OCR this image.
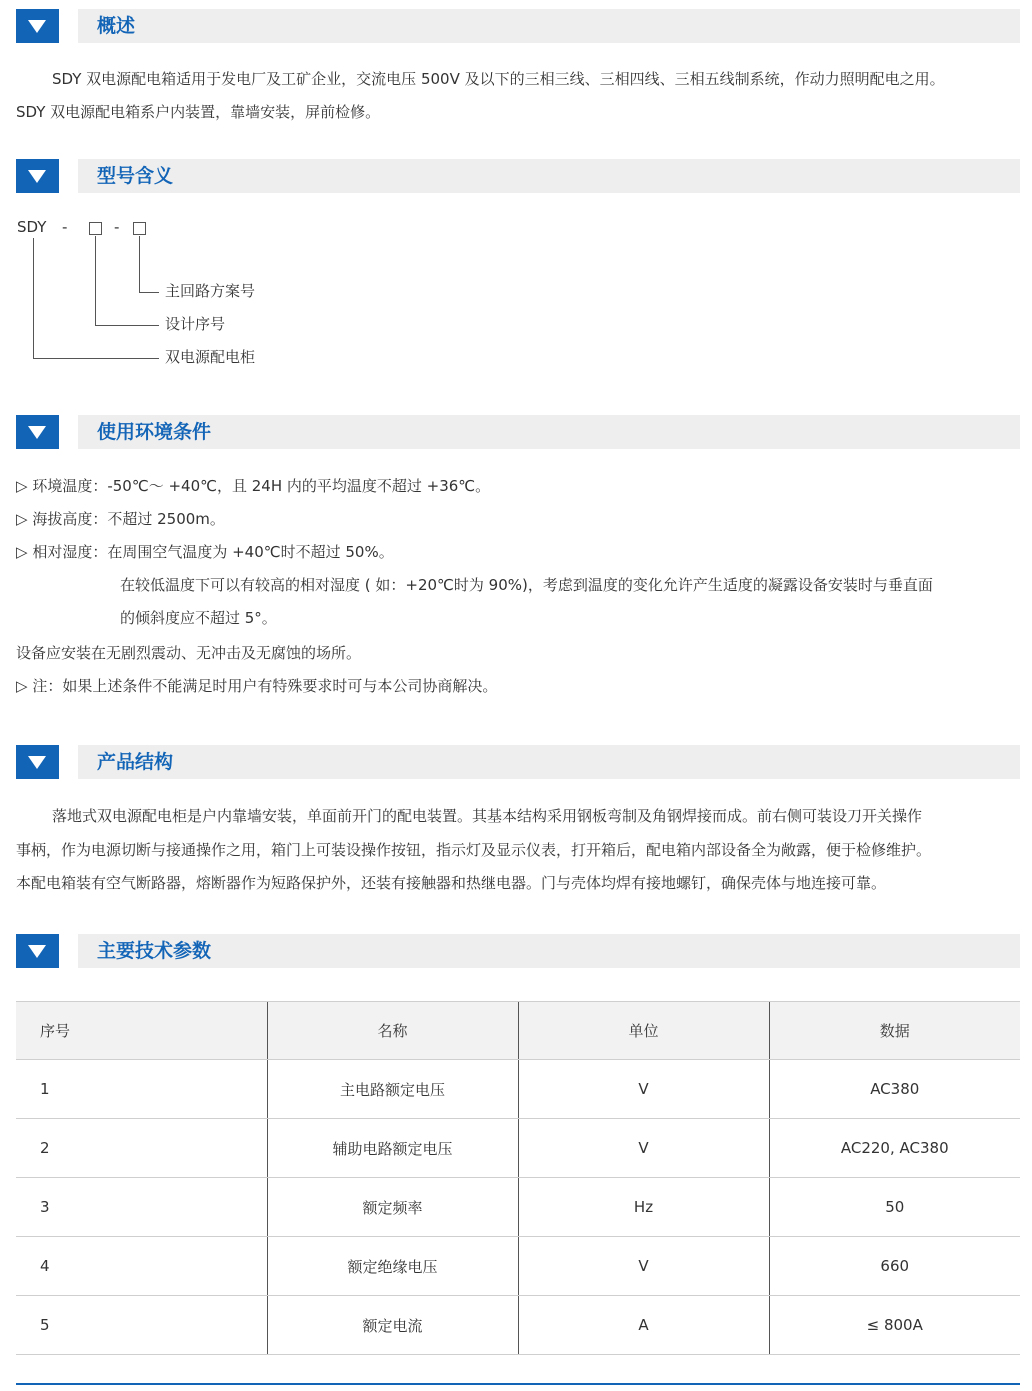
概述
SDY 双电源配电箱适用于发电厂及工矿企业，交流电压 500V 及以下的三相三线、三相四线、三相五线制系统，作动力照明配电之用。
SDY 双电源配电箱系户内装置，靠墙安装，屏前检修。
型号含义
SDY -	-
主回路方案号
设计序号
双电源配电柜
使用环境条件
▷ 环境温度：-50℃～ +40℃，且 24H 内的平均温度不超过 +36℃。
▷ 海拔高度：不超过 2500m。
▷ 相对湿度：在周围空气温度为 +40℃时不超过 50%。
在较低温度下可以有较高的相对湿度 ( 如：+20℃时为 90%)，考虑到温度的变化允许产生适度的凝露设备安装时与垂直面
的倾斜度应不超过 5°。
设备应安装在无剧烈震动、无冲击及无腐蚀的场所。
▷ 注：如果上述条件不能满足时用户有特殊要求时可与本公司协商解决。
产品结构
落地式双电源配电柜是户内靠墙安装，单面前开门的配电装置。其基本结构采用钢板弯制及角钢焊接而成。前右侧可装设刀开关操作
事柄，作为电源切断与接通操作之用，箱门上可装设操作按钮，指示灯及显示仪表，打开箱后，配电箱内部设备全为敞露，便于检修维护。
本配电箱装有空气断路器，熔断器作为短路保护外，还装有接触器和热继电器。门与壳体均焊有接地螺钉，确保壳体与地连接可靠。
主要技术参数
序号	名称	单位	数据
1	主电路额定电压	V	AC380
2	辅助电路额定电压	V	AC220, AC380
3	额定频率	Hz	50
4	额定绝缘电压	V	660
5	额定电流	A	≤ 800A
